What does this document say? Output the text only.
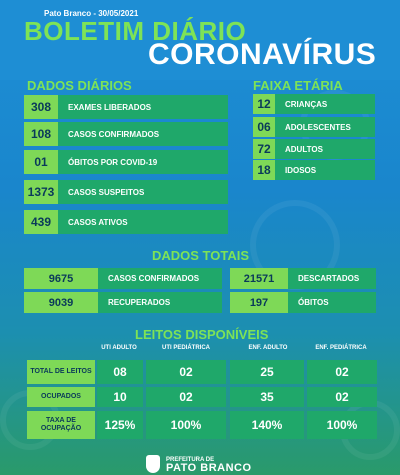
Pato Branco - 30/05/2021
BOLETIM DIÁRIO
CORONAVÍRUS
DADOS DIÁRIOS
308	EXAMES LIBERADOS
108	CASOS CONFIRMADOS
01	ÓBITOS POR COVID-19
1373	CASOS SUSPEITOS
439	CASOS ATIVOS
FAIXA ETÁRIA
12	CRIANÇAS
06	ADOLESCENTES
72	ADULTOS
18	IDOSOS
DADOS TOTAIS
9675	CASOS CONFIRMADOS	21571	DESCARTADOS
9039	RECUPERADOS	197	ÓBITOS
LEITOS DISPONÍVEIS
UTI ADULTO	UTI PEDIÁTRICA	ENF. ADULTO	ENF. PEDIÁTRICA
TOTAL DE LEITOS	08	02	25	02
OCUPADOS	10	02	35	02
TAXA DE OCUPAÇÃO	125%	100%	140%	100%
PREFEITURA DE
PATO BRANCO
